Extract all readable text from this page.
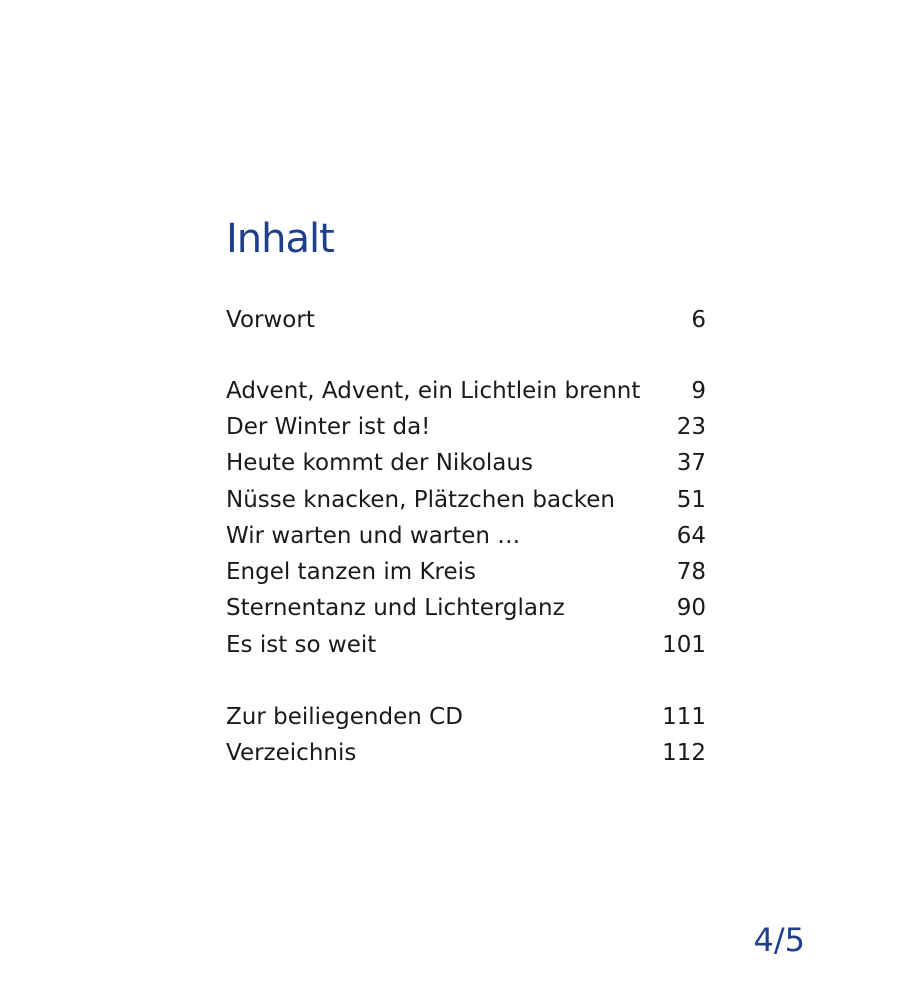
Inhalt
Vorwort	6
Advent, Advent, ein Lichtlein brennt 9
Der Winter ist da!	23
Heute kommt der Nikolaus	37
Nüsse knacken, Plätzchen backen	51
Wir warten und warten …	64
Engel tanzen im Kreis	78
Sternentanz und Lichterglanz	90
Es ist so weit	101
Zur beiliegenden CD	111
Verzeichnis	112
4/5
